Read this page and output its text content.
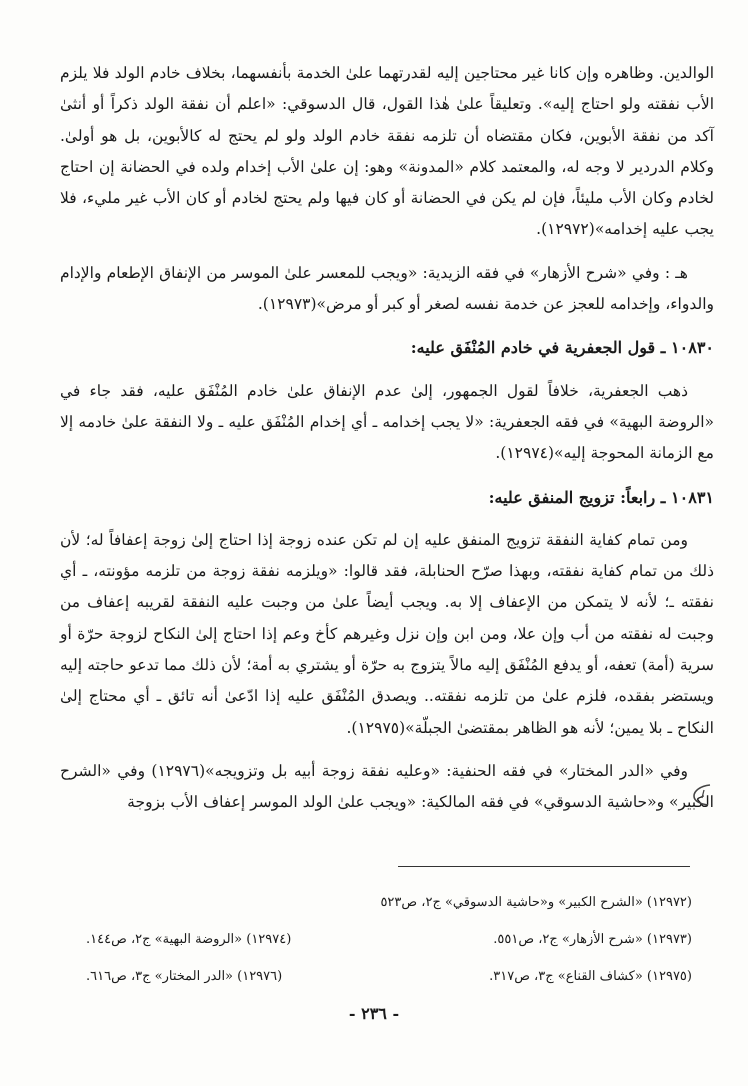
الوالدين. وظاهره وإن كانا غير محتاجين إليه لقدرتهما علىٰ الخدمة بأنفسهما، بخلاف خادم الولد فلا يلزم الأب نفقته ولو احتاج إليه». وتعليقاً علىٰ هٰذا القول، قال الدسوقي: «اعلم أن نفقة الولد ذكراً أو أنثىٰ آكد من نفقة الأبوين، فكان مقتضاه أن تلزمه نفقة خادم الولد ولو لم يحتج له كالأبوين، بل هو أولىٰ. وكلام الدردير لا وجه له، والمعتمد كلام «المدونة» وهو: إن علىٰ الأب إخدام ولده في الحضانة إن احتاج لخادم وكان الأب مليئاً، فإن لم يكن في الحضانة أو كان فيها ولم يحتج لخادم أو كان الأب غير مليء، فلا يجب عليه إخدامه»(١٢٩٧٢).

هـ : وفي «شرح الأزهار» في فقه الزيدية: «ويجب للمعسر علىٰ الموسر من الإنفاق الإطعام والإدام والدواء، وإخدامه للعجز عن خدمة نفسه لصغر أو كبر أو مرض»(١٢٩٧٣).

١٠٨٣٠ ـ قول الجعفرية في خادم المُنْفَق عليه:

ذهب الجعفرية، خلافاً لقول الجمهور، إلىٰ عدم الإنفاق علىٰ خادم المُنْفَق عليه، فقد جاء في «الروضة البهية» في فقه الجعفرية: «لا يجب إخدامه ـ أي إخدام المُنْفَق عليه ـ ولا النفقة علىٰ خادمه إلا مع الزمانة المحوجة إليه»(١٢٩٧٤).

١٠٨٣١ ـ رابعاً: تزويج المنفق عليه:

ومن تمام كفاية النفقة تزويج المنفق عليه إن لم تكن عنده زوجة إذا احتاج إلىٰ زوجة إعفافاً له؛ لأن ذلك من تمام كفاية نفقته، وبهذا صرّح الحنابلة، فقد قالوا: «ويلزمه نفقة زوجة من تلزمه مؤونته، ـ أي نفقته ـ؛ لأنه لا يتمكن من الإعفاف إلا به. ويجب أيضاً علىٰ من وجبت عليه النفقة لقريبه إعفاف من وجبت له نفقته من أب وإن علا، ومن ابن وإن نزل وغيرهم كأخ وعم إذا احتاج إلىٰ النكاح لزوجة حرّة أو سرية (أمة) تعفه، أو يدفع المُنْفَق إليه مالاً يتزوج به حرّة أو يشتري به أمة؛ لأن ذلك مما تدعو حاجته إليه ويستضر بفقده، فلزم علىٰ من تلزمه نفقته.. ويصدق المُنْفَق عليه إذا ادّعىٰ أنه تائق ـ أي محتاج إلىٰ النكاح ـ بلا يمين؛ لأنه هو الظاهر بمقتضىٰ الجبلّة»(١٢٩٧٥).

وفي «الدر المختار» في فقه الحنفية: «وعليه نفقة زوجة أبيه بل وتزويجه»(١٢٩٧٦) وفي «الشرح الكبير» و«حاشية الدسوقي» في فقه المالكية: «ويجب علىٰ الولد الموسر إعفاف الأب بزوجة

(١٢٩٧٢) «الشرح الكبير» و«حاشية الدسوقي» ج٢، ص٥٢٣
(١٢٩٧٣) «شرح الأزهار» ج٢، ص٥٥١.
(١٢٩٧٤) «الروضة البهية» ج٢، ص١٤٤.
(١٢٩٧٥) «كشاف القناع» ج٣، ص٣١٧.
(١٢٩٧٦) «الدر المختار» ج٣، ص٦١٦.
- ٢٣٦ -
